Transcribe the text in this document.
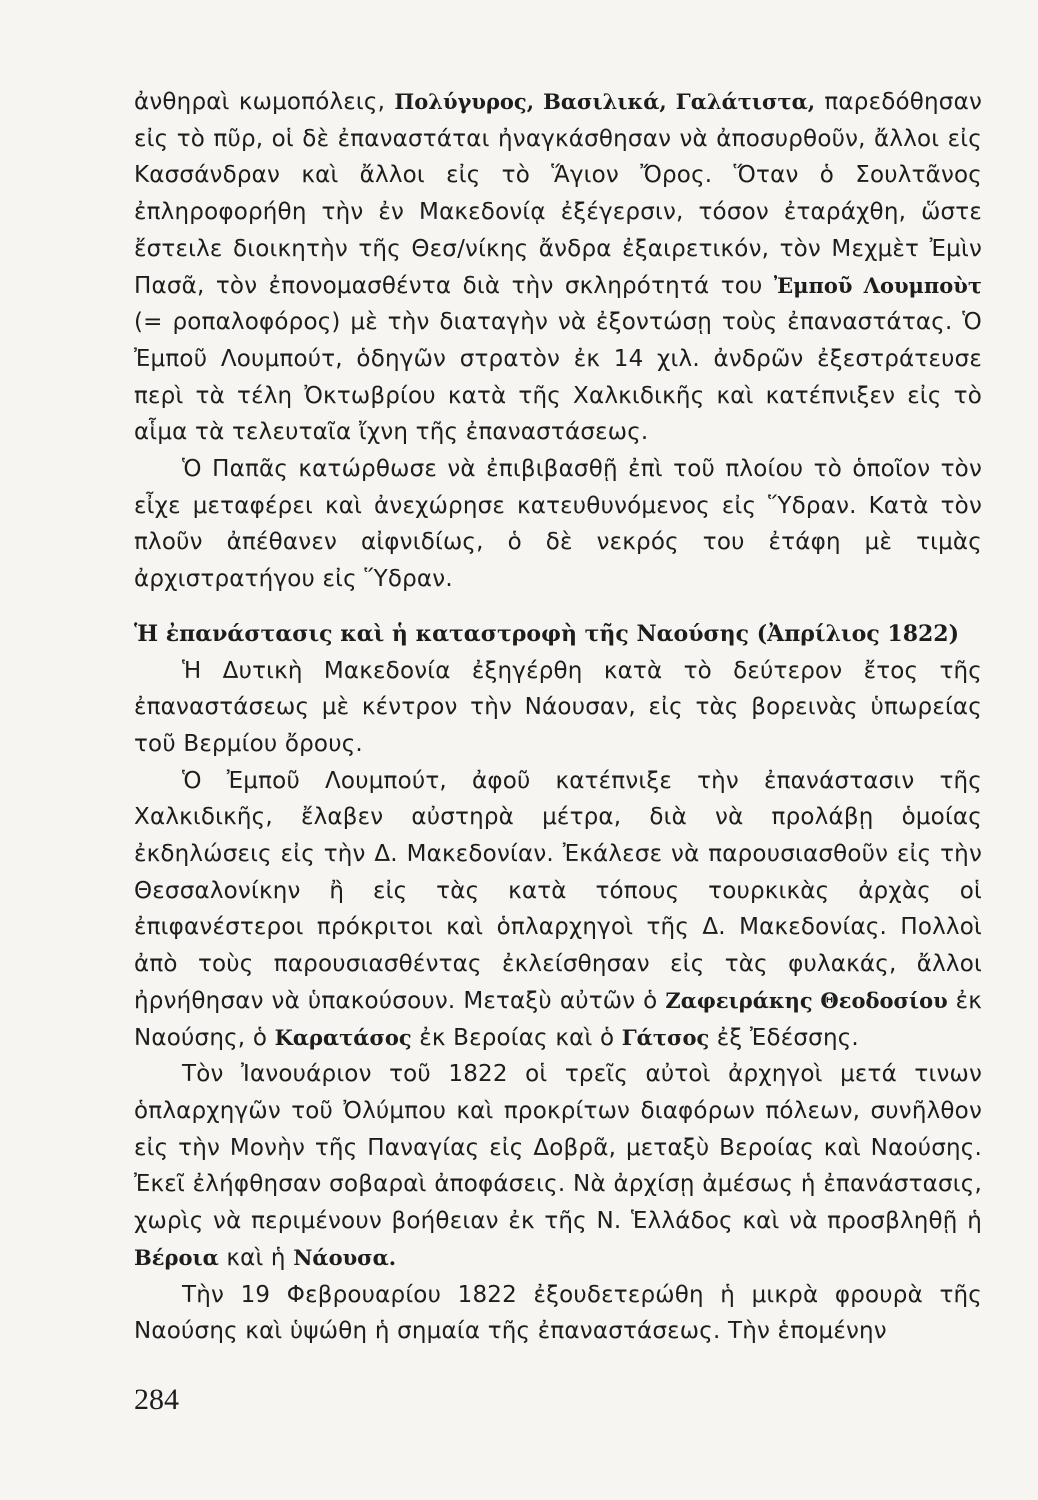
ἀνθηραὶ κωμοπόλεις, Πολύγυρος, Βασιλικά, Γαλάτιστα, παρεδόθησαν εἰς τὸ πῦρ, οἱ δὲ ἐπαναστάται ἠναγκάσθησαν νὰ ἀποσυρθοῦν, ἄλλοι εἰς Κασσάνδραν καὶ ἄλλοι εἰς τὸ Ἅγιον Ὄρος. Ὅταν ὁ Σουλτᾶνος ἐπληροφορήθη τὴν ἐν Μακεδονίᾳ ἐξέγερσιν, τόσον ἐταράχθη, ὥστε ἔστειλε διοικητὴν τῆς Θεσ/νίκης ἄνδρα ἐξαιρετικόν, τὸν Μεχμὲτ Ἐμὶν Πασᾶ, τὸν ἐπονομασθέντα διὰ τὴν σκληρότητά του Ἐμποῦ Λουμποὺτ (= ροπαλοφόρος) μὲ τὴν διαταγὴν νὰ ἐξοντώσῃ τοὺς ἐπαναστάτας. Ὁ Ἐμποῦ Λουμπούτ, ὁδηγῶν στρατὸν ἐκ 14 χιλ. ἀνδρῶν ἐξεστράτευσε περὶ τὰ τέλη Ὀκτωβρίου κατὰ τῆς Χαλκιδικῆς καὶ κατέπνιξεν εἰς τὸ αἷμα τὰ τελευταῖα ἴχνη τῆς ἐπαναστάσεως.

Ὁ Παπᾶς κατώρθωσε νὰ ἐπιβιβασθῇ ἐπὶ τοῦ πλοίου τὸ ὁποῖον τὸν εἶχε μεταφέρει καὶ ἀνεχώρησε κατευθυνόμενος εἰς Ὕδραν. Κατὰ τὸν πλοῦν ἀπέθανεν αἰφνιδίως, ὁ δὲ νεκρός του ἐτάφη μὲ τιμὰς ἀρχιστρατήγου εἰς Ὕδραν.

Ἡ ἐπανάστασις καὶ ἡ καταστροφὴ τῆς Ναούσης (Ἀπρίλιος 1822)

Ἡ Δυτικὴ Μακεδονία ἐξηγέρθη κατὰ τὸ δεύτερον ἔτος τῆς ἐπαναστάσεως μὲ κέντρον τὴν Νάουσαν, εἰς τὰς βορεινὰς ὑπωρείας τοῦ Βερμίου ὄρους.

Ὁ Ἐμποῦ Λουμπούτ, ἀφοῦ κατέπνιξε τὴν ἐπανάστασιν τῆς Χαλκιδικῆς, ἔλαβεν αὐστηρὰ μέτρα, διὰ νὰ προλάβῃ ὁμοίας ἐκδηλώσεις εἰς τὴν Δ. Μακεδονίαν. Ἐκάλεσε νὰ παρουσιασθοῦν εἰς τὴν Θεσσαλονίκην ἢ εἰς τὰς κατὰ τόπους τουρκικὰς ἀρχὰς οἱ ἐπιφανέστεροι πρόκριτοι καὶ ὁπλαρχηγοὶ τῆς Δ. Μακεδονίας. Πολλοὶ ἀπὸ τοὺς παρουσιασθέντας ἐκλείσθησαν εἰς τὰς φυλακάς, ἄλλοι ἠρνήθησαν νὰ ὑπακούσουν. Μεταξὺ αὐτῶν ὁ Ζαφειράκης Θεοδοσίου ἐκ Ναούσης, ὁ Καρατάσος ἐκ Βεροίας καὶ ὁ Γάτσος ἐξ Ἐδέσσης.

Τὸν Ἰανουάριον τοῦ 1822 οἱ τρεῖς αὐτοὶ ἀρχηγοὶ μετά τινων ὁπλαρχηγῶν τοῦ Ὀλύμπου καὶ προκρίτων διαφόρων πόλεων, συνῆλθον εἰς τὴν Μονὴν τῆς Παναγίας εἰς Δοβρᾶ, μεταξὺ Βεροίας καὶ Ναούσης. Ἐκεῖ ἐλήφθησαν σοβαραὶ ἀποφάσεις. Νὰ ἀρχίσῃ ἀμέσως ἡ ἐπανάστασις, χωρὶς νὰ περιμένουν βοήθειαν ἐκ τῆς Ν. Ἑλλάδος καὶ νὰ προσβληθῇ ἡ Βέροια καὶ ἡ Νάουσα.

Τὴν 19 Φεβρουαρίου 1822 ἐξουδετερώθη ἡ μικρὰ φρουρὰ τῆς Ναούσης καὶ ὑψώθη ἡ σημαία τῆς ἐπαναστάσεως. Τὴν ἑπομένην

284
